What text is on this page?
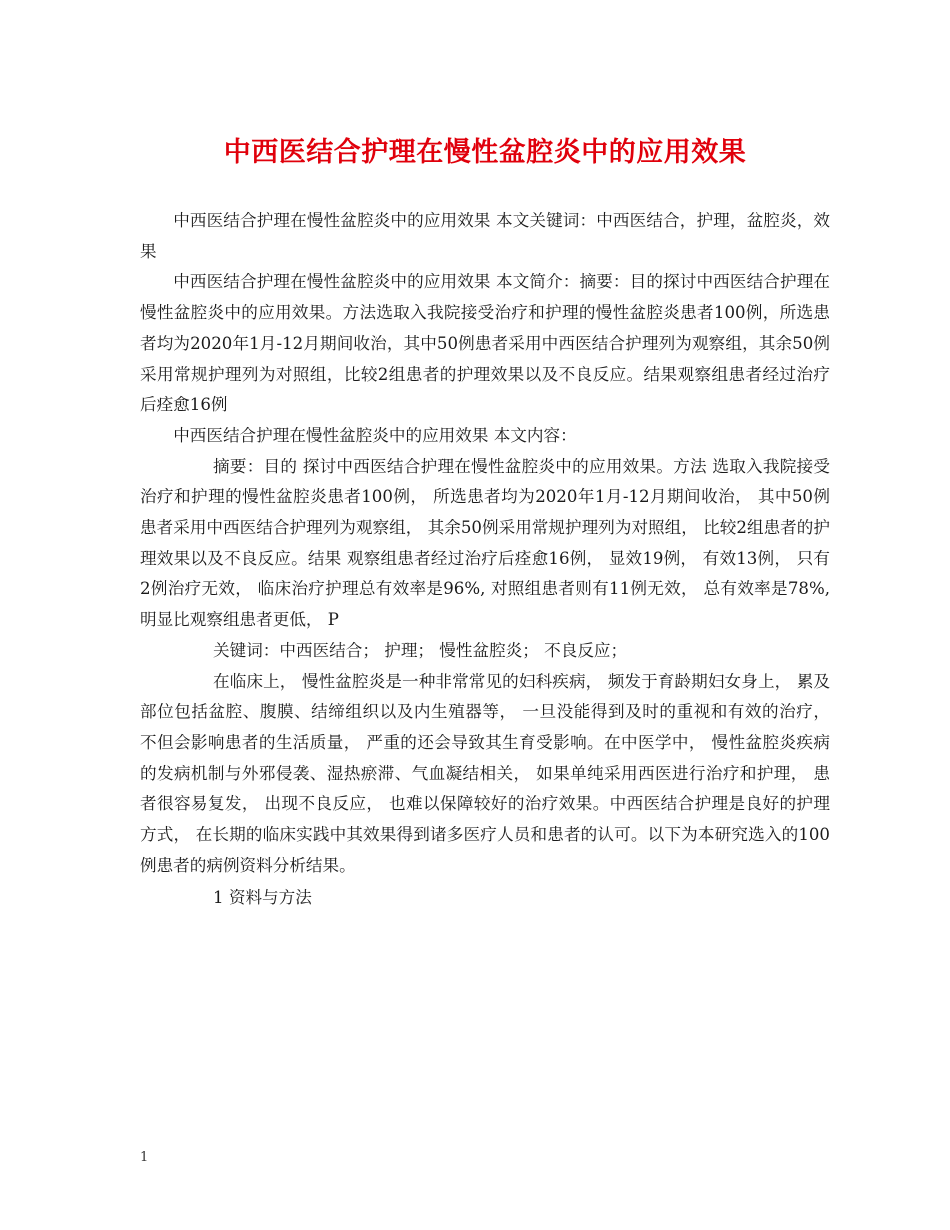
中西医结合护理在慢性盆腔炎中的应用效果

中西医结合护理在慢性盆腔炎中的应用效果 本文关键词：中西医结合，护理，盆腔炎，效果

中西医结合护理在慢性盆腔炎中的应用效果 本文简介：摘要：目的探讨中西医结合护理在慢性盆腔炎中的应用效果。方法选取入我院接受治疗和护理的慢性盆腔炎患者100例，所选患者均为2020年1月-12月期间收治，其中50例患者采用中西医结合护理列为观察组，其余50例采用常规护理列为对照组，比较2组患者的护理效果以及不良反应。结果观察组患者经过治疗后痊愈16例

中西医结合护理在慢性盆腔炎中的应用效果 本文内容：

摘要：目的 探讨中西医结合护理在慢性盆腔炎中的应用效果。方法 选取入我院接受治疗和护理的慢性盆腔炎患者100例， 所选患者均为2020年1月-12月期间收治， 其中50例患者采用中西医结合护理列为观察组， 其余50例采用常规护理列为对照组， 比较2组患者的护理效果以及不良反应。结果 观察组患者经过治疗后痊愈16例， 显效19例， 有效13例， 只有2例治疗无效， 临床治疗护理总有效率是96%, 对照组患者则有11例无效， 总有效率是78%, 明显比观察组患者更低， P

关键词：中西医结合； 护理； 慢性盆腔炎； 不良反应；

在临床上， 慢性盆腔炎是一种非常常见的妇科疾病， 频发于育龄期妇女身上， 累及部位包括盆腔、腹膜、结缔组织以及内生殖器等， 一旦没能得到及时的重视和有效的治疗， 不但会影响患者的生活质量， 严重的还会导致其生育受影响。在中医学中， 慢性盆腔炎疾病的发病机制与外邪侵袭、湿热瘀滞、气血凝结相关， 如果单纯采用西医进行治疗和护理， 患者很容易复发， 出现不良反应， 也难以保障较好的治疗效果。中西医结合护理是良好的护理方式， 在长期的临床实践中其效果得到诸多医疗人员和患者的认可。以下为本研究选入的100例患者的病例资料分析结果。

1 资料与方法

1
